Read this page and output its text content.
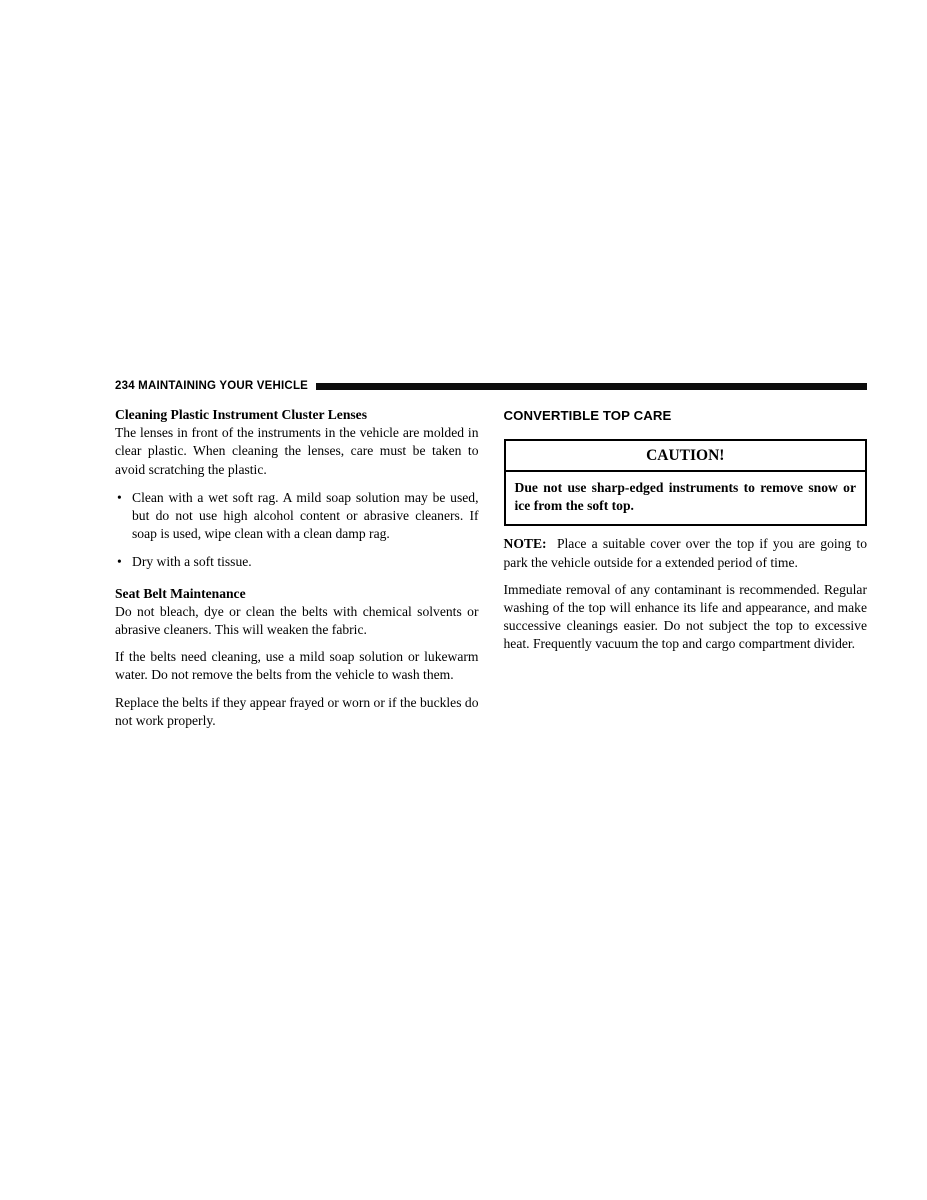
234 MAINTAINING YOUR VEHICLE
Cleaning Plastic Instrument Cluster Lenses

The lenses in front of the instruments in the vehicle are molded in clear plastic. When cleaning the lenses, care must be taken to avoid scratching the plastic.

• Clean with a wet soft rag. A mild soap solution may be used, but do not use high alcohol content or abrasive cleaners. If soap is used, wipe clean with a clean damp rag.
• Dry with a soft tissue.
Seat Belt Maintenance

Do not bleach, dye or clean the belts with chemical solvents or abrasive cleaners. This will weaken the fabric.

If the belts need cleaning, use a mild soap solution or lukewarm water. Do not remove the belts from the vehicle to wash them.

Replace the belts if they appear frayed or worn or if the buckles do not work properly.

CONVERTIBLE TOP CARE
CAUTION!
Due not use sharp-edged instruments to remove snow or ice from the soft top.

NOTE: Place a suitable cover over the top if you are going to park the vehicle outside for a extended period of time.

Immediate removal of any contaminant is recommended. Regular washing of the top will enhance its life and appearance, and make successive cleanings easier. Do not subject the top to excessive heat. Frequently vacuum the top and cargo compartment divider.
